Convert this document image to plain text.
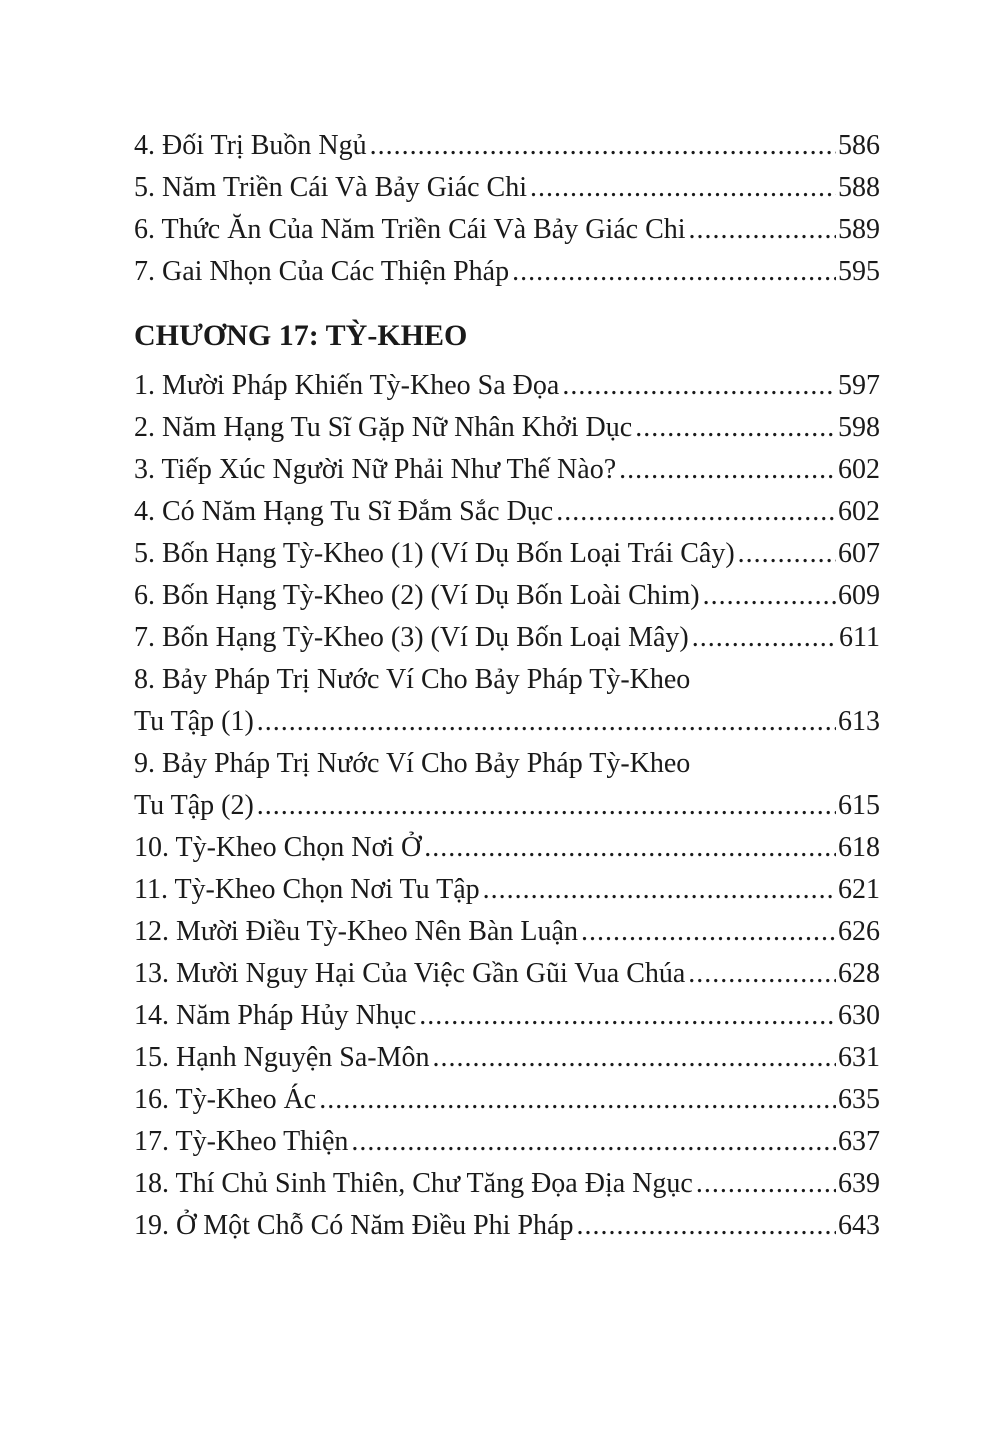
4. Đối Trị Buồn Ngủ .....	586
5. Năm Triền Cái Và Bảy Giác Chi .....	588
6. Thức Ăn Của Năm Triền Cái Và Bảy Giác Chi .....	589
7. Gai Nhọn Của Các Thiện Pháp .....	595
CHƯƠNG 17: TỲ-KHEO
1. Mười Pháp Khiến Tỳ-Kheo Sa Đọa .....	597
2. Năm Hạng Tu Sĩ Gặp Nữ Nhân Khởi Dục .....	598
3. Tiếp Xúc Người Nữ Phải Như Thế Nào? .....	602
4. Có Năm Hạng Tu Sĩ Đắm Sắc Dục .....	602
5. Bốn Hạng Tỳ-Kheo (1) (Ví Dụ Bốn Loại Trái Cây) .....	607
6. Bốn Hạng Tỳ-Kheo (2) (Ví Dụ Bốn Loài Chim) .....	609
7. Bốn Hạng Tỳ-Kheo (3) (Ví Dụ Bốn Loại Mây) .....	611
8. Bảy Pháp Trị Nước Ví Cho Bảy Pháp Tỳ-Kheo
Tu Tập (1) .....	613
9. Bảy Pháp Trị Nước Ví Cho Bảy Pháp Tỳ-Kheo
Tu Tập (2) .....	615
10. Tỳ-Kheo Chọn Nơi Ở .....	618
11. Tỳ-Kheo Chọn Nơi Tu Tập .....	621
12. Mười Điều Tỳ-Kheo Nên Bàn Luận .....	626
13. Mười Nguy Hại Của Việc Gần Gũi Vua Chúa .....	628
14. Năm Pháp Hủy Nhục .....	630
15. Hạnh Nguyện Sa-Môn .....	631
16. Tỳ-Kheo Ác .....	635
17. Tỳ-Kheo Thiện .....	637
18. Thí Chủ Sinh Thiên, Chư Tăng Đọa Địa Ngục .....	639
19. Ở Một Chỗ Có Năm Điều Phi Pháp .....	643
